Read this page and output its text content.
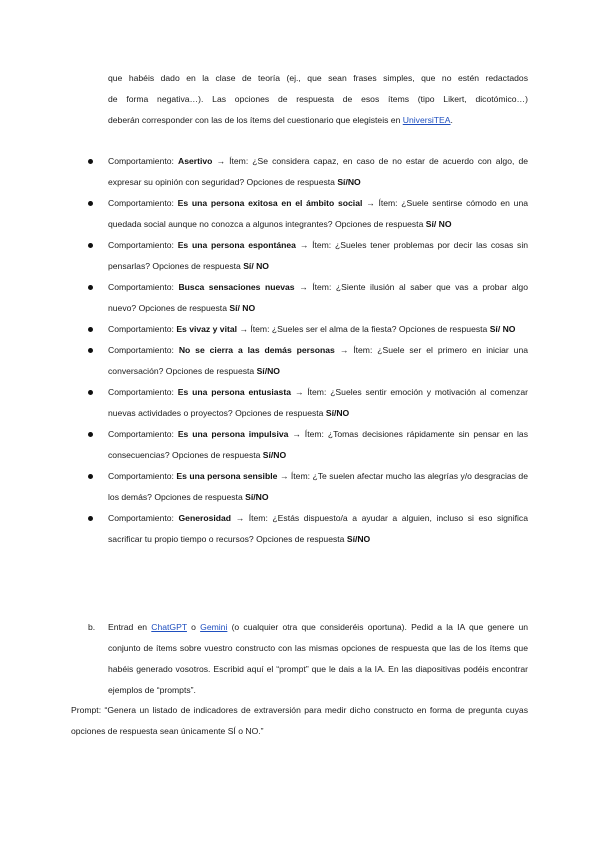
que habéis dado en la clase de teoría (ej., que sean frases simples, que no estén redactados
de forma negativa…). Las opciones de respuesta de esos ítems (tipo Likert, dicotómico…)
deberán corresponder con las de los ítems del cuestionario que elegisteis en UniversiTEA.
Comportamiento: Asertivo → Ítem: ¿Se considera capaz, en caso de no estar de acuerdo con algo, de expresar su opinión con seguridad? Opciones de respuesta Sí/NO
Comportamiento: Es una persona exitosa en el ámbito social → Ítem: ¿Suele sentirse cómodo en una quedada social aunque no conozca a algunos integrantes? Opciones de respuesta Sí/ NO
Comportamiento: Es una persona espontánea → Ítem: ¿Sueles tener problemas por decir las cosas sin pensarlas? Opciones de respuesta Sí/ NO
Comportamiento: Busca sensaciones nuevas → Ítem: ¿Siente ilusión al saber que vas a probar algo nuevo? Opciones de respuesta Sí/ NO
Comportamiento: Es vivaz y vital → Ítem: ¿Sueles ser el alma de la fiesta? Opciones de respuesta Sí/ NO
Comportamiento: No se cierra a las demás personas → Ítem: ¿Suele ser el primero en iniciar una conversación? Opciones de respuesta Sí/NO
Comportamiento: Es una persona entusiasta → Ítem: ¿Sueles sentir emoción y motivación al comenzar nuevas actividades o proyectos? Opciones de respuesta Sí/NO
Comportamiento: Es una persona impulsiva → Ítem: ¿Tomas decisiones rápidamente sin pensar en las consecuencias? Opciones de respuesta Sí/NO
Comportamiento: Es una persona sensible → Ítem: ¿Te suelen afectar mucho las alegrías y/o desgracias de los demás? Opciones de respuesta Sí/NO
Comportamiento: Generosidad → Ítem: ¿Estás dispuesto/a a ayudar a alguien, incluso si eso significa sacrificar tu propio tiempo o recursos? Opciones de respuesta Sí/NO
b. Entrad en ChatGPT o Gemini (o cualquier otra que consideréis oportuna). Pedid a la IA que genere un conjunto de ítems sobre vuestro constructo con las mismas opciones de respuesta que las de los ítems que habéis generado vosotros. Escribid aquí el “prompt” que le dais a la IA. En las diapositivas podéis encontrar ejemplos de “prompts”.
Prompt: “Genera un listado de indicadores de extraversión para medir dicho constructo en forma de pregunta cuyas opciones de respuesta sean únicamente SÍ o NO.”
